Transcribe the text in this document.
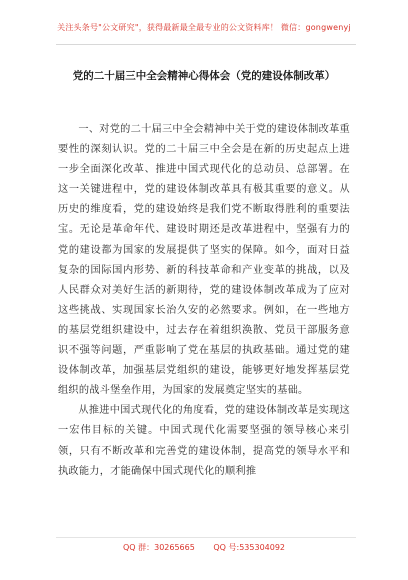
关注头条号"公文研究"，获得最新最全最专业的公文资料库！ 微信：gongwenyj
党的二十届三中全会精神心得体会（党的建设体制改革）

一、对党的二十届三中全会精神中关于党的建设体制改革重要性的深刻认识。党的二十届三中全会是在新的历史起点上进一步全面深化改革、推进中国式现代化的总动员、总部署。在这一关键进程中，党的建设体制改革具有极其重要的意义。从历史的维度看，党的建设始终是我们党不断取得胜利的重要法宝。无论是革命年代、建设时期还是改革进程中，坚强有力的党的建设都为国家的发展提供了坚实的保障。如今，面对日益复杂的国际国内形势、新的科技革命和产业变革的挑战，以及人民群众对美好生活的新期待，党的建设体制改革成为了应对这些挑战、实现国家长治久安的必然要求。例如，在一些地方的基层党组织建设中，过去存在着组织涣散、党员干部服务意识不强等问题，严重影响了党在基层的执政基础。通过党的建设体制改革，加强基层党组织的建设，能够更好地发挥基层党组织的战斗堡垒作用，为国家的发展奠定坚实的基础。

从推进中国式现代化的角度看，党的建设体制改革是实现这一宏伟目标的关键。中国式现代化需要坚强的领导核心来引领，只有不断改革和完善党的建设体制，提高党的领导水平和执政能力，才能确保中国式现代化的顺利推

QQ 群：30265665 QQ 号:535304092
